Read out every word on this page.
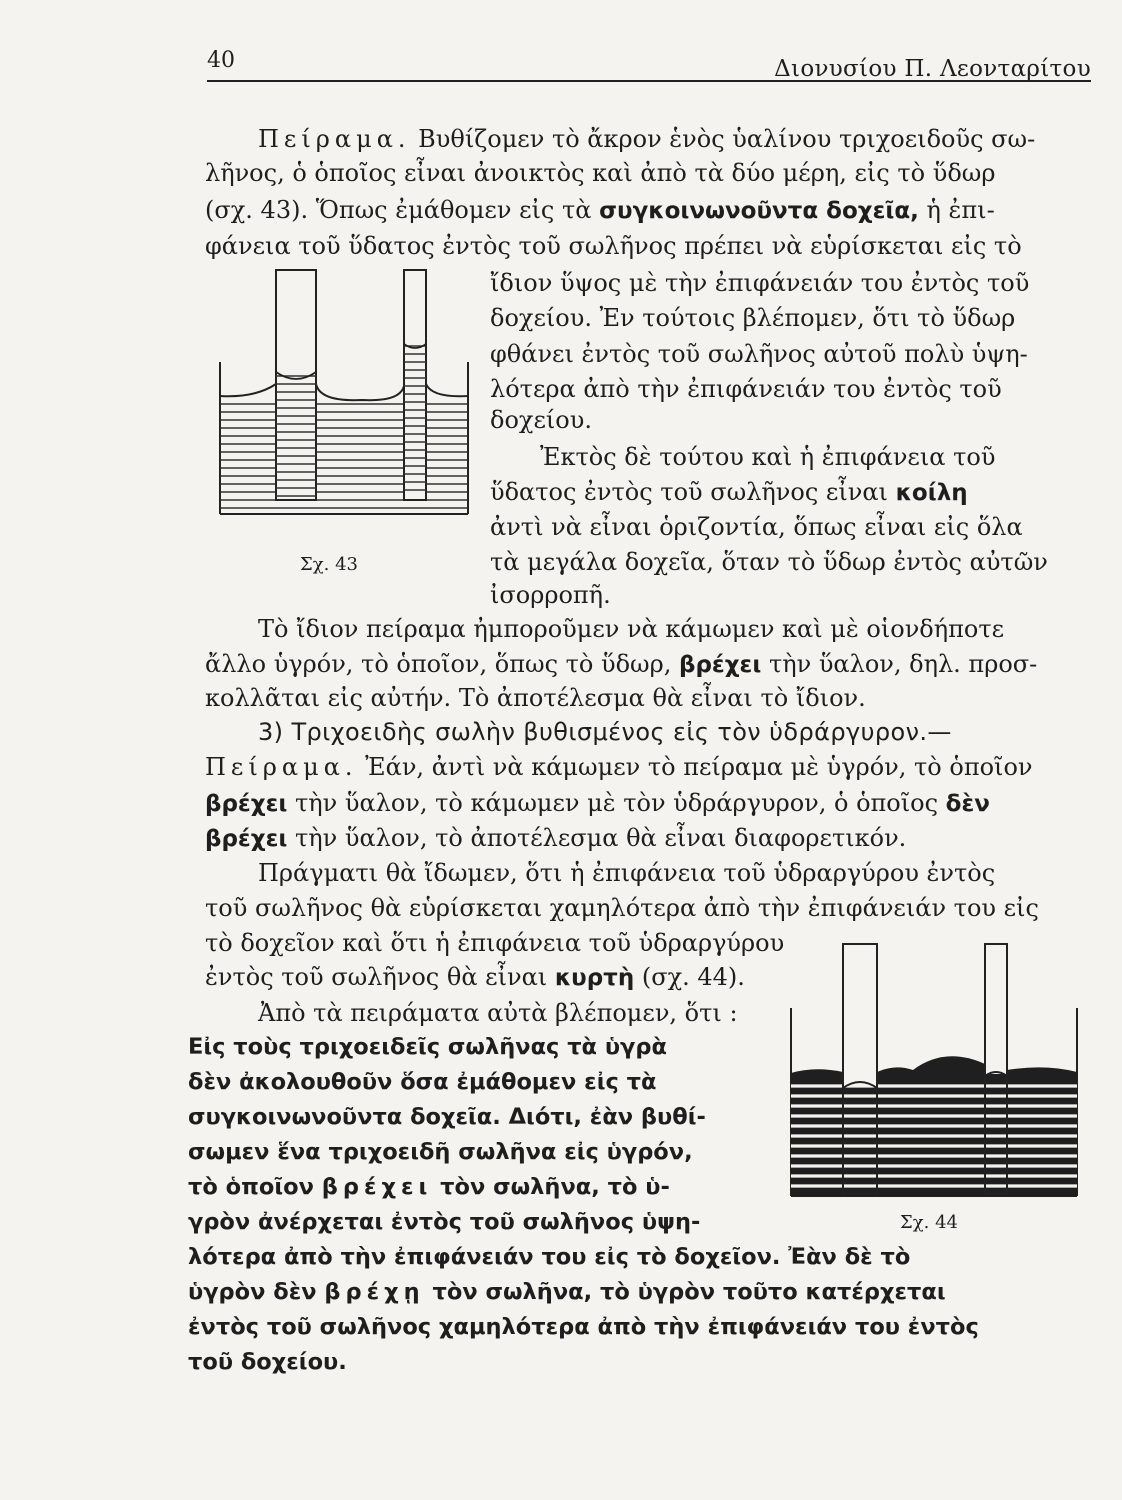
40	Διονυσίου Π. Λεονταρίτου
Πείραμα. Βυθίζομεν τὸ ἄκρον ἑνὸς ὑαλίνου τριχοειδοῦς σω-
λῆνος, ὁ ὁποῖος εἶναι ἀνοικτὸς καὶ ἀπὸ τὰ δύο μέρη, εἰς τὸ ὕδωρ
(σχ. 43). Ὅπως ἐμάθομεν εἰς τὰ συγκοινωνοῦντα δοχεῖα, ἡ ἐπι-
φάνεια τοῦ ὕδατος ἐντὸς τοῦ σωλῆνος πρέπει νὰ εὑρίσκεται εἰς τὸ
ἴδιον ὕψος μὲ τὴν ἐπιφάνειάν του ἐντὸς τοῦ
δοχείου. Ἐν τούτοις βλέπομεν, ὅτι τὸ ὕδωρ
φθάνει ἐντὸς τοῦ σωλῆνος αὐτοῦ πολὺ ὑψη-
λότερα ἀπὸ τὴν ἐπιφάνειάν του ἐντὸς τοῦ
δοχείου.
Ἐκτὸς δὲ τούτου καὶ ἡ ἐπιφάνεια τοῦ
ὕδατος ἐντὸς τοῦ σωλῆνος εἶναι κοίλη
ἀντὶ νὰ εἶναι ὁριζοντία, ὅπως εἶναι εἰς ὅλα
τὰ μεγάλα δοχεῖα, ὅταν τὸ ὕδωρ ἐντὸς αὐτῶν
ἰσορροπῆ.
Σχ. 43
Τὸ ἴδιον πείραμα ἠμποροῦμεν νὰ κάμωμεν καὶ μὲ οἱονδήποτε
ἄλλο ὑγρόν, τὸ ὁποῖον, ὅπως τὸ ὕδωρ, βρέχει τὴν ὕαλον, δηλ. προσ-
κολλᾶται εἰς αὐτήν. Τὸ ἀποτέλεσμα θὰ εἶναι τὸ ἴδιον.
3) Τριχοειδὴς σωλὴν βυθισμένος εἰς τὸν ὑδράργυρον.—
Πείραμα. Ἐάν, ἀντὶ νὰ κάμωμεν τὸ πείραμα μὲ ὑγρόν, τὸ ὁποῖον
βρέχει τὴν ὕαλον, τὸ κάμωμεν μὲ τὸν ὑδράργυρον, ὁ ὁποῖος δὲν
βρέχει τὴν ὕαλον, τὸ ἀποτέλεσμα θὰ εἶναι διαφορετικόν.
Πράγματι θὰ ἴδωμεν, ὅτι ἡ ἐπιφάνεια τοῦ ὑδραργύρου ἐντὸς
τοῦ σωλῆνος θὰ εὑρίσκεται χαμηλότερα ἀπὸ τὴν ἐπιφάνειάν του εἰς
τὸ δοχεῖον καὶ ὅτι ἡ ἐπιφάνεια τοῦ ὑδραργύρου
ἐντὸς τοῦ σωλῆνος θὰ εἶναι κυρτὴ (σχ. 44).
Ἀπὸ τὰ πειράματα αὐτὰ βλέπομεν, ὅτι :
Εἰς τοὺς τριχοειδεῖς σωλῆνας τὰ ὑγρὰ
δὲν ἀκολουθοῦν ὅσα ἐμάθομεν εἰς τὰ
συγκοινωνοῦντα δοχεῖα. Διότι, ἐὰν βυθί-
σωμεν ἕνα τριχοειδῆ σωλῆνα εἰς ὑγρόν,
τὸ ὁποῖον βρέχει τὸν σωλῆνα, τὸ ὑ-
γρὸν ἀνέρχεται ἐντὸς τοῦ σωλῆνος ὑψη-
λότερα ἀπὸ τὴν ἐπιφάνειάν του εἰς τὸ δοχεῖον. Ἐὰν δὲ τὸ
ὑγρὸν δὲν βρέχῃ τὸν σωλῆνα, τὸ ὑγρὸν τοῦτο κατέρχεται
ἐντὸς τοῦ σωλῆνος χαμηλότερα ἀπὸ τὴν ἐπιφάνειάν του ἐντὸς
τοῦ δοχείου.
Σχ. 44
